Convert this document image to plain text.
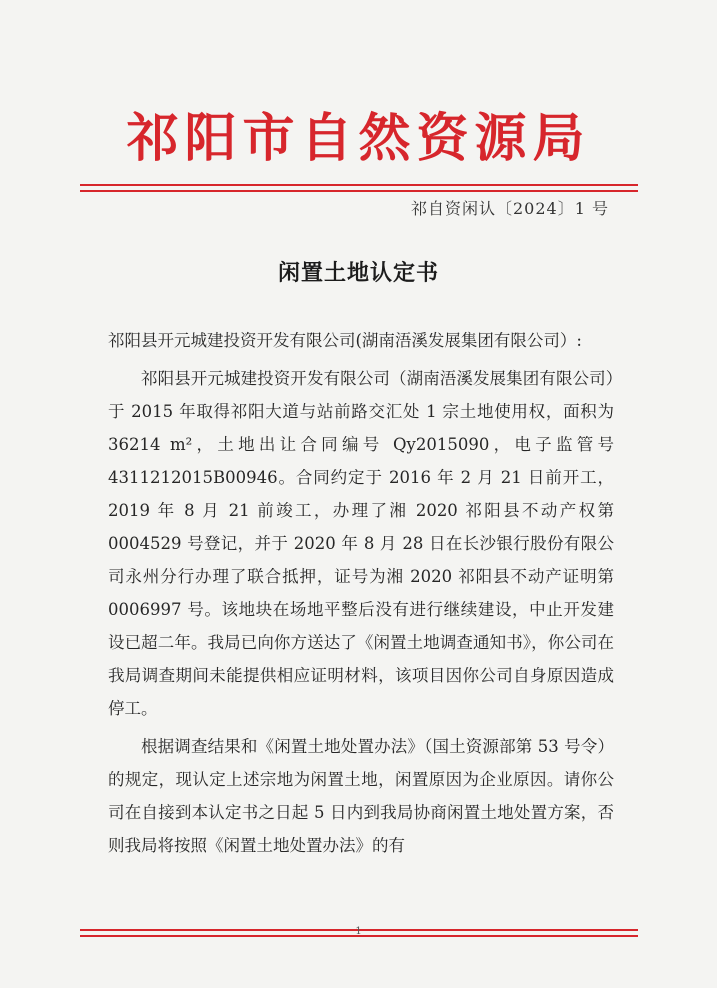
祁阳市自然资源局
祁自资闲认〔2024〕1 号
闲置土地认定书

祁阳县开元城建投资开发有限公司(湖南浯溪发展集团有限公司）:

祁阳县开元城建投资开发有限公司（湖南浯溪发展集团有限公司）于 2015 年取得祁阳大道与站前路交汇处 1 宗土地使用权，面积为 36214 m²，土地出让合同编号 Qy2015090，电子监管号 4311212015B00946。合同约定于 2016 年 2 月 21 日前开工，2019 年 8 月 21 前竣工，办理了湘 2020 祁阳县不动产权第 0004529 号登记，并于 2020 年 8 月 28 日在长沙银行股份有限公司永州分行办理了联合抵押，证号为湘 2020 祁阳县不动产证明第 0006997 号。该地块在场地平整后没有进行继续建设，中止开发建设已超二年。我局已向你方送达了《闲置土地调查通知书》，你公司在我局调查期间未能提供相应证明材料，该项目因你公司自身原因造成停工。

根据调查结果和《闲置土地处置办法》（国土资源部第 53 号令）的规定，现认定上述宗地为闲置土地，闲置原因为企业原因。请你公司在自接到本认定书之日起 5 日内到我局协商闲置土地处置方案，否则我局将按照《闲置土地处置办法》的有

1
